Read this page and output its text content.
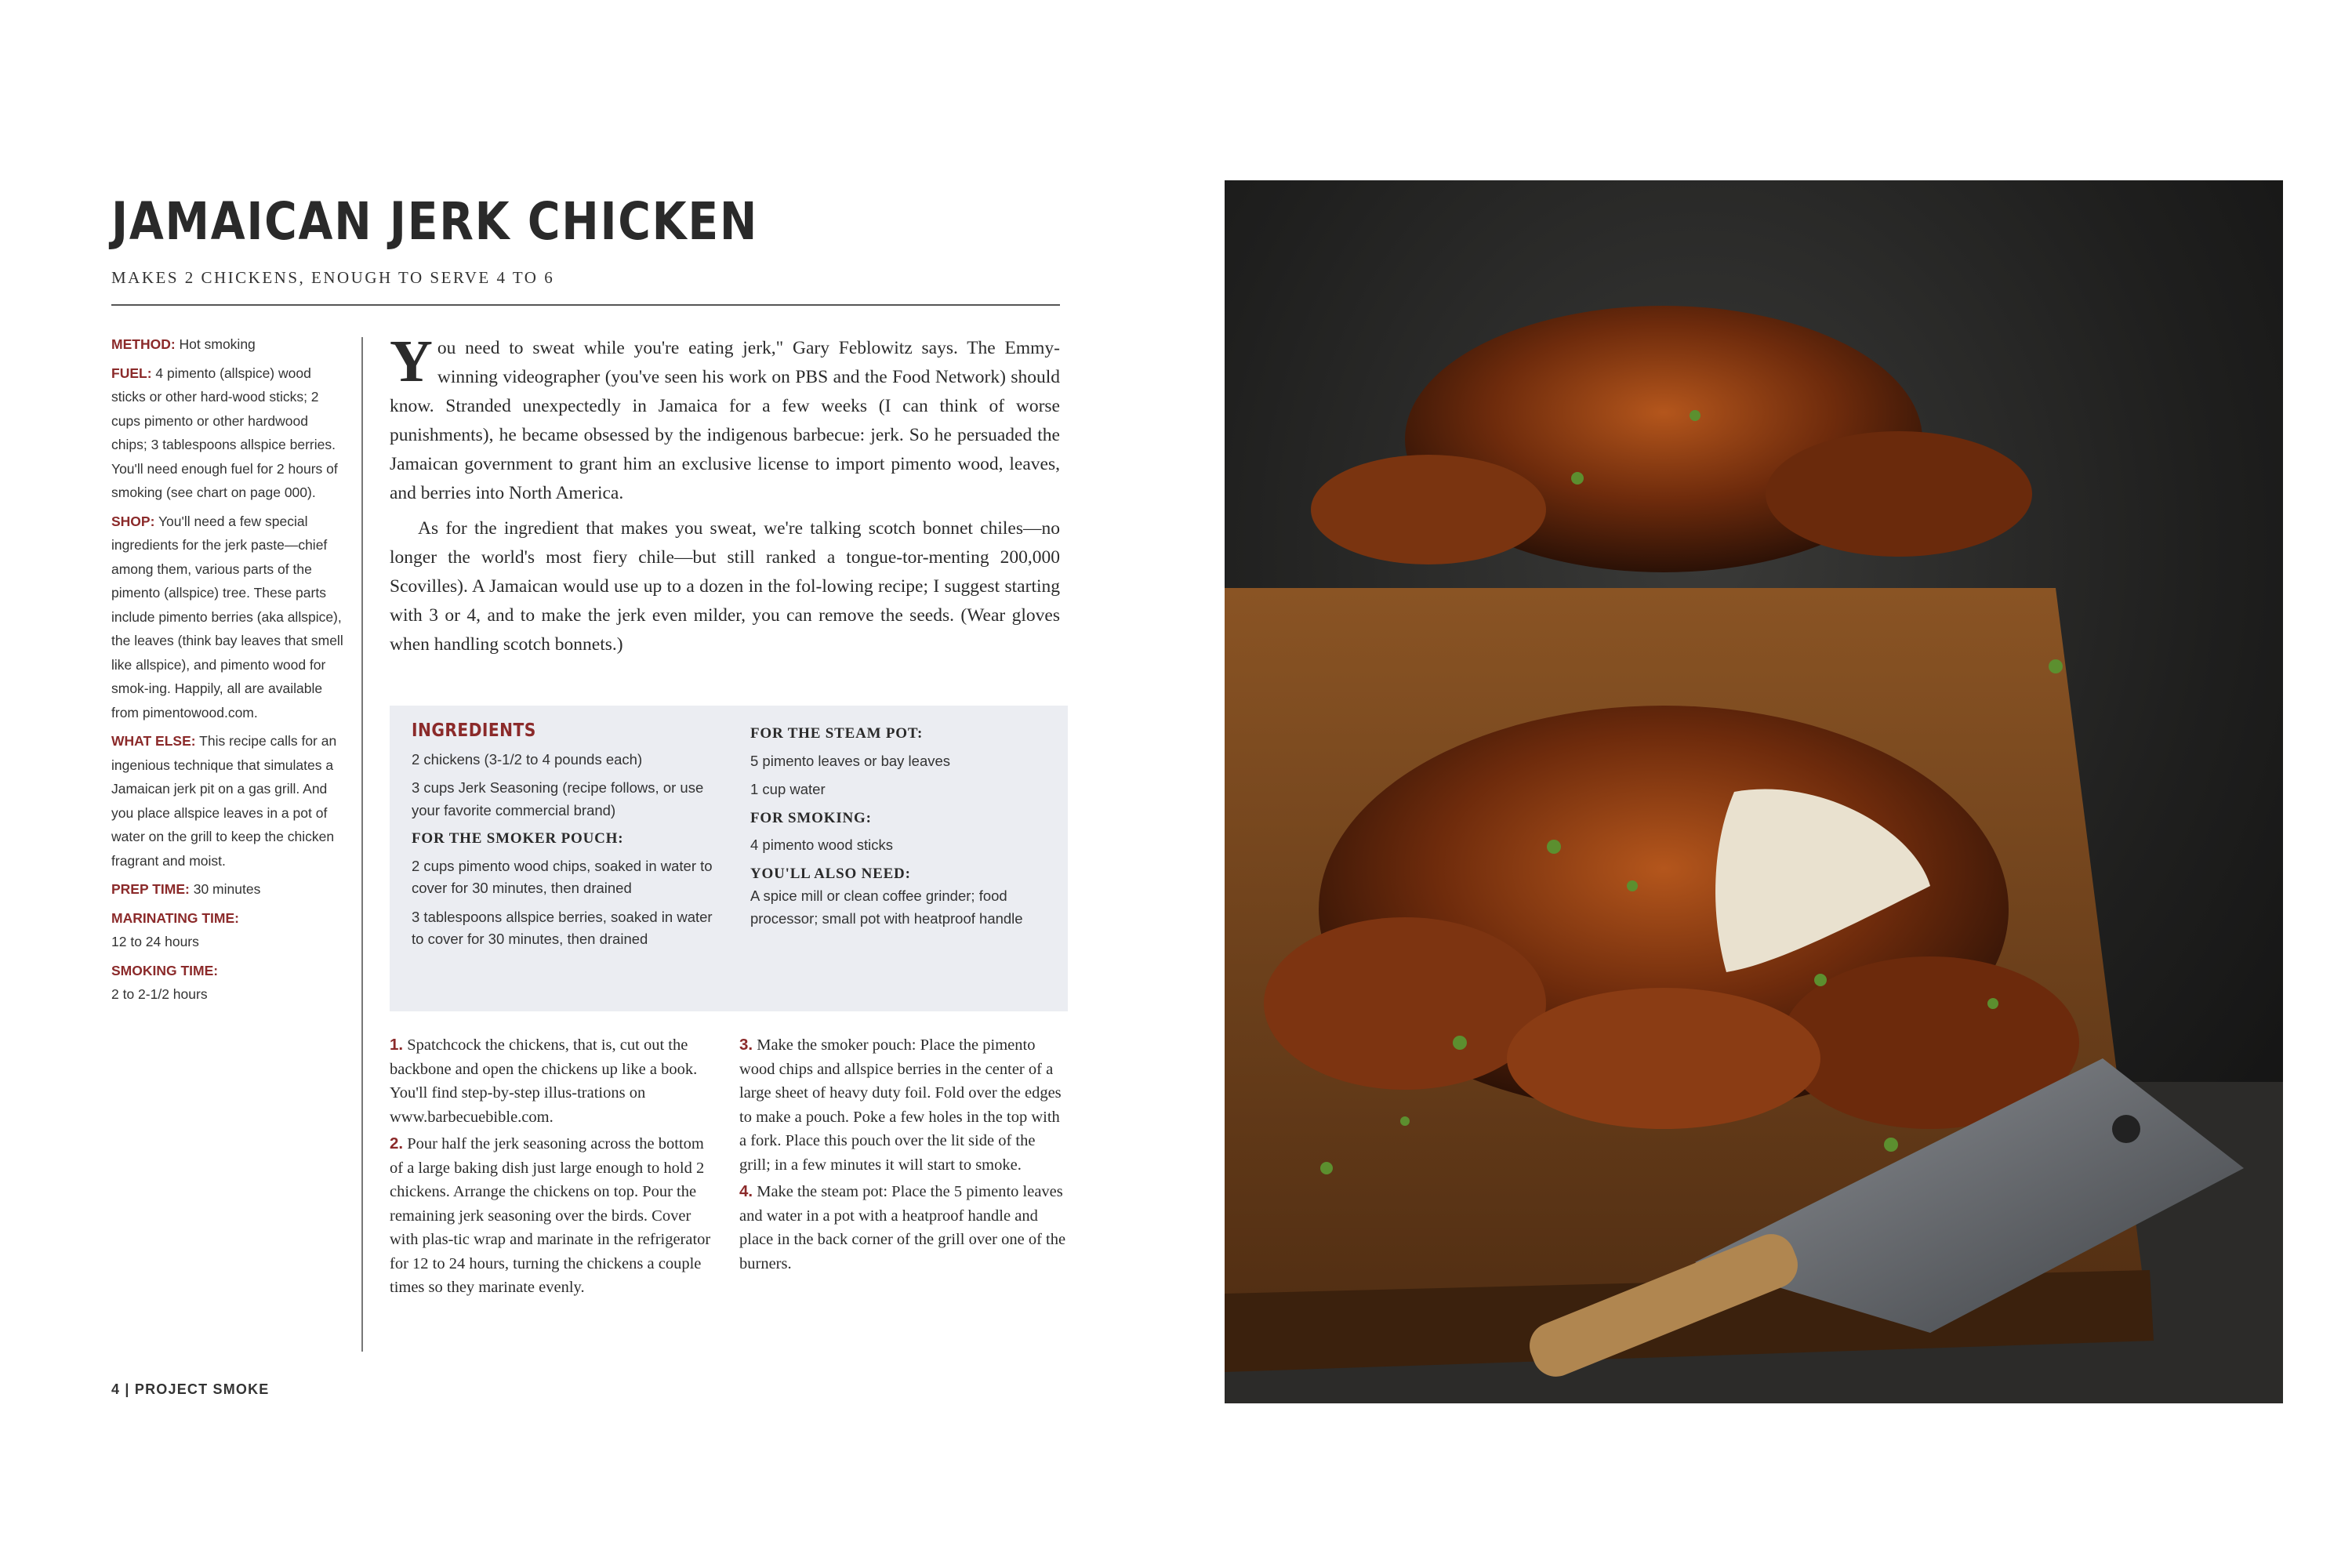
JAMAICAN JERK CHICKEN
MAKES 2 CHICKENS, ENOUGH TO SERVE 4 TO 6

METHOD: Hot smoking

FUEL: 4 pimento (allspice) wood sticks or other hard-wood sticks; 2 cups pimento or other hardwood chips; 3 tablespoons allspice berries. You'll need enough fuel for 2 hours of smoking (see chart on page 000).

SHOP: You'll need a few special ingredients for the jerk paste—chief among them, various parts of the pimento (allspice) tree. These parts include pimento berries (aka allspice), the leaves (think bay leaves that smell like allspice), and pimento wood for smok-ing. Happily, all are available from pimentowood.com.

WHAT ELSE: This recipe calls for an ingenious technique that simulates a Jamaican jerk pit on a gas grill. And you place allspice leaves in a pot of water on the grill to keep the chicken fragrant and moist.

PREP TIME: 30 minutes

MARINATING TIME:
12 to 24 hours

SMOKING TIME:
2 to 2-1/2 hours

You need to sweat while you're eating jerk," Gary Feblowitz says. The Emmy-winning videographer (you've seen his work on PBS and the Food Network) should know. Stranded unexpectedly in Jamaica for a few weeks (I can think of worse punishments), he became obsessed by the indigenous barbecue: jerk. So he persuaded the Jamaican government to grant him an exclusive license to import pimento wood, leaves, and berries into North America.

As for the ingredient that makes you sweat, we're talking scotch bonnet chiles—no longer the world's most fiery chile—but still ranked a tongue-tor-menting 200,000 Scovilles). A Jamaican would use up to a dozen in the fol-lowing recipe; I suggest starting with 3 or 4, and to make the jerk even milder, you can remove the seeds. (Wear gloves when handling scotch bonnets.)

INGREDIENTS
2 chickens (3-1/2 to 4 pounds each)
3 cups Jerk Seasoning (recipe follows, or use your favorite commercial brand)
FOR THE SMOKER POUCH:
2 cups pimento wood chips, soaked in water to cover for 30 minutes, then drained
3 tablespoons allspice berries, soaked in water to cover for 30 minutes, then drained
FOR THE STEAM POT:
5 pimento leaves or bay leaves
1 cup water
FOR SMOKING:
4 pimento wood sticks
YOU'LL ALSO NEED:
A spice mill or clean coffee grinder; food processor; small pot with heatproof handle

1. Spatchcock the chickens, that is, cut out the backbone and open the chickens up like a book. You'll find step-by-step illus-trations on www.barbecuebible.com.

2. Pour half the jerk seasoning across the bottom of a large baking dish just large enough to hold 2 chickens. Arrange the chickens on top. Pour the remaining jerk seasoning over the birds. Cover with plas-tic wrap and marinate in the refrigerator for 12 to 24 hours, turning the chickens a couple times so they marinate evenly.

3. Make the smoker pouch: Place the pimento wood chips and allspice berries in the center of a large sheet of heavy duty foil. Fold over the edges to make a pouch. Poke a few holes in the top with a fork. Place this pouch over the lit side of the grill; in a few minutes it will start to smoke.

4. Make the steam pot: Place the 5 pimento leaves and water in a pot with a heatproof handle and place in the back corner of the grill over one of the burners.

4 | PROJECT SMOKE
